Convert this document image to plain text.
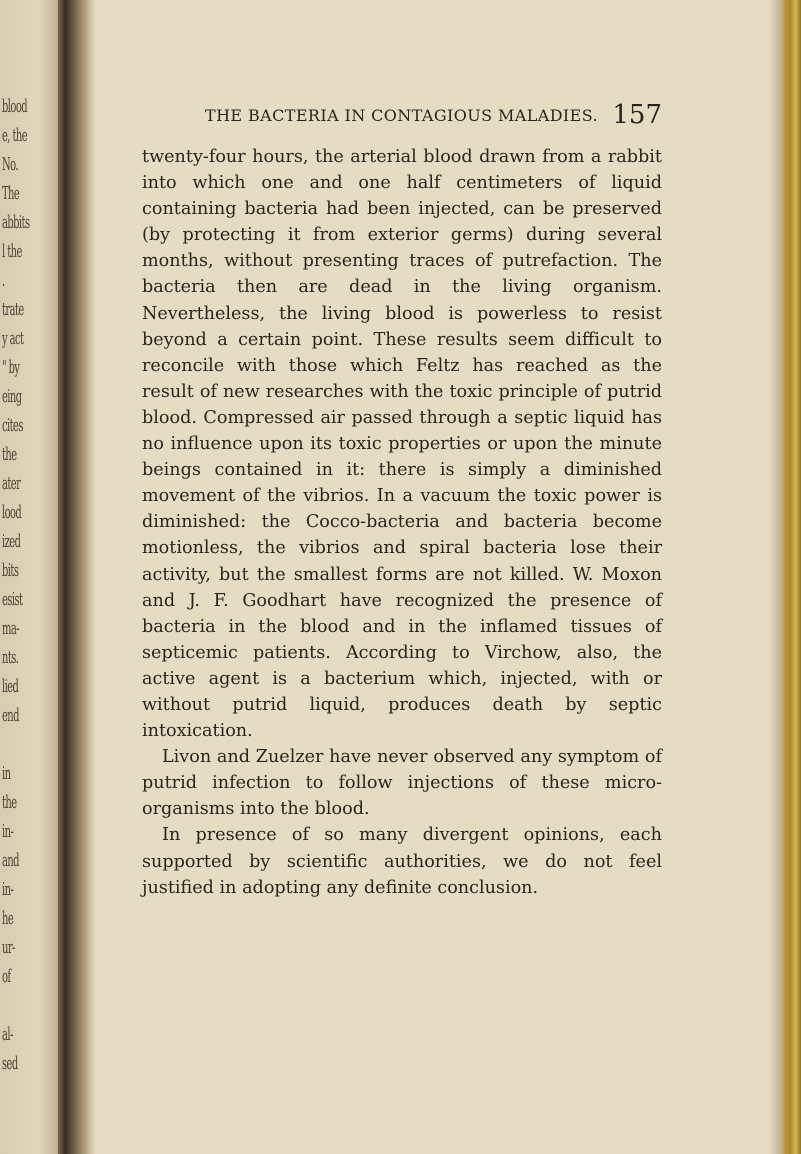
blood
e, the
No.
The
abbits
l the
.
trate
y act
" by
eing
cites
the
ater
lood
ized
bits
esist
ma-
nts.
lied
end

in
the
in-
and
in-
he
ur-
of

al-
sed
THE BACTERIA IN CONTAGIOUS MALADIES. 157

twenty-four hours, the arterial blood drawn from a rabbit into which one and one half centimeters of liquid containing bacteria had been injected, can be preserved (by protecting it from exterior germs) during several months, without presenting traces of putrefaction. The bacteria then are dead in the living organism. Nevertheless, the living blood is powerless to resist beyond a certain point. These results seem difficult to reconcile with those which Feltz has reached as the result of new researches with the toxic principle of putrid blood. Compressed air passed through a septic liquid has no influence upon its toxic properties or upon the minute beings contained in it: there is simply a diminished movement of the vibrios. In a vacuum the toxic power is diminished: the Cocco-bacteria and bacteria become motionless, the vibrios and spiral bacteria lose their activity, but the smallest forms are not killed. W. Moxon and J. F. Goodhart have recognized the presence of bacteria in the blood and in the inflamed tissues of septicemic patients. According to Virchow, also, the active agent is a bacterium which, injected, with or without putrid liquid, produces death by septic intoxication.

Livon and Zuelzer have never observed any symptom of putrid infection to follow injections of these micro-organisms into the blood.

In presence of so many divergent opinions, each supported by scientific authorities, we do not feel justified in adopting any definite conclusion.
